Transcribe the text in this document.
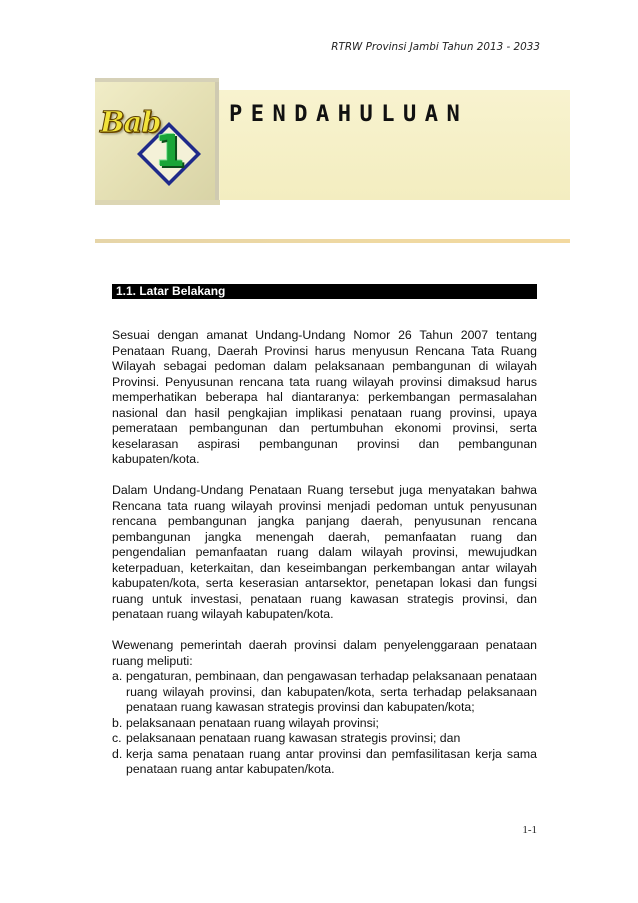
RTRW Provinsi Jambi Tahun 2013 - 2033
1
Bab	PENDAHULUAN
1.1. Latar Belakang
Sesuai dengan amanat Undang-Undang Nomor 26 Tahun 2007 tentang Penataan Ruang, Daerah Provinsi harus menyusun Rencana Tata Ruang Wilayah sebagai pedoman dalam pelaksanaan pembangunan di wilayah Provinsi. Penyusunan rencana tata ruang wilayah provinsi dimaksud harus memperhatikan beberapa hal diantaranya: perkembangan permasalahan nasional dan hasil pengkajian implikasi penataan ruang provinsi, upaya pemerataan pembangunan dan pertumbuhan ekonomi provinsi, serta keselarasan aspirasi pembangunan provinsi dan pembangunan kabupaten/kota.
Dalam Undang-Undang Penataan Ruang tersebut juga menyatakan bahwa Rencana tata ruang wilayah provinsi menjadi pedoman untuk penyusunan rencana pembangunan jangka panjang daerah, penyusunan rencana pembangunan jangka menengah daerah, pemanfaatan ruang dan pengendalian pemanfaatan ruang dalam wilayah provinsi, mewujudkan keterpaduan, keterkaitan, dan keseimbangan perkembangan antar wilayah kabupaten/kota, serta keserasian antarsektor, penetapan lokasi dan fungsi ruang untuk investasi, penataan ruang kawasan strategis provinsi, dan penataan ruang wilayah kabupaten/kota.
Wewenang pemerintah daerah provinsi dalam penyelenggaraan penataan ruang meliputi:
a. pengaturan, pembinaan, dan pengawasan terhadap pelaksanaan penataan ruang wilayah provinsi, dan kabupaten/kota, serta terhadap pelaksanaan penataan ruang kawasan strategis provinsi dan kabupaten/kota;
b. pelaksanaan penataan ruang wilayah provinsi;
c. pelaksanaan penataan ruang kawasan strategis provinsi; dan
d. kerja sama penataan ruang antar provinsi dan pemfasilitasan kerja sama penataan ruang antar kabupaten/kota.
1-1
